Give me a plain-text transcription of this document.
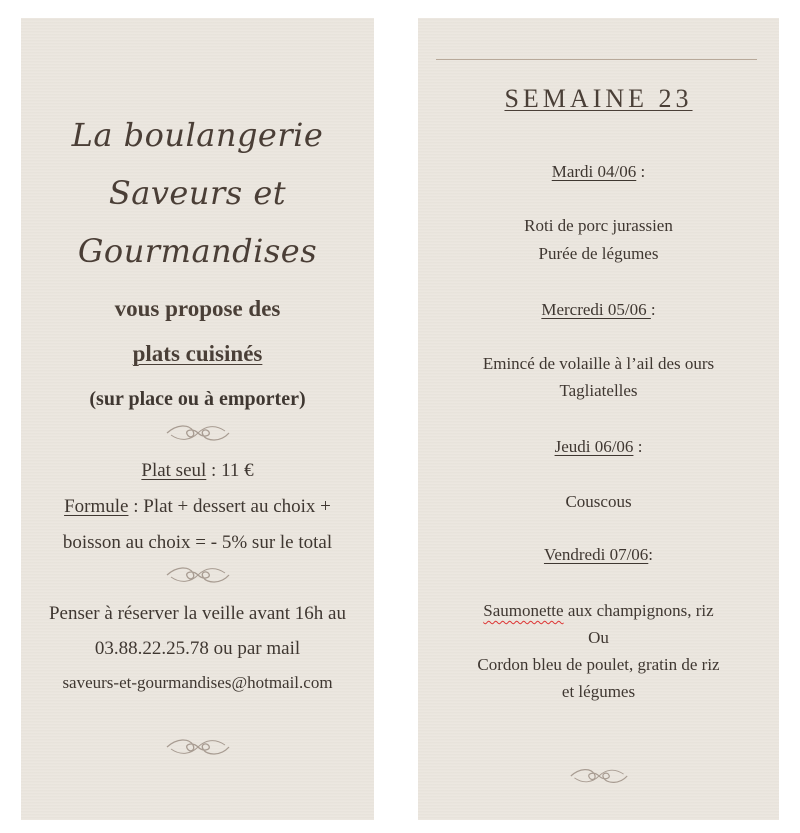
La boulangerie
Saveurs et
Gourmandises
vous propose des
plats cuisinés
(sur place ou à emporter)
Plat seul : 11 €
Formule : Plat + dessert au choix +
boisson au choix = - 5% sur le total
Penser à réserver la veille avant 16h au
03.88.22.25.78 ou par mail
saveurs-et-gourmandises@hotmail.com
SEMAINE 23
Mardi 04/06 :
Roti de porc jurassien
Purée de légumes
Mercredi 05/06 :
Emincé de volaille à l’ail des ours
Tagliatelles
Jeudi 06/06 :
Couscous
Vendredi 07/06:
Saumonette aux champignons, riz
Ou
Cordon bleu de poulet, gratin de riz
et légumes
